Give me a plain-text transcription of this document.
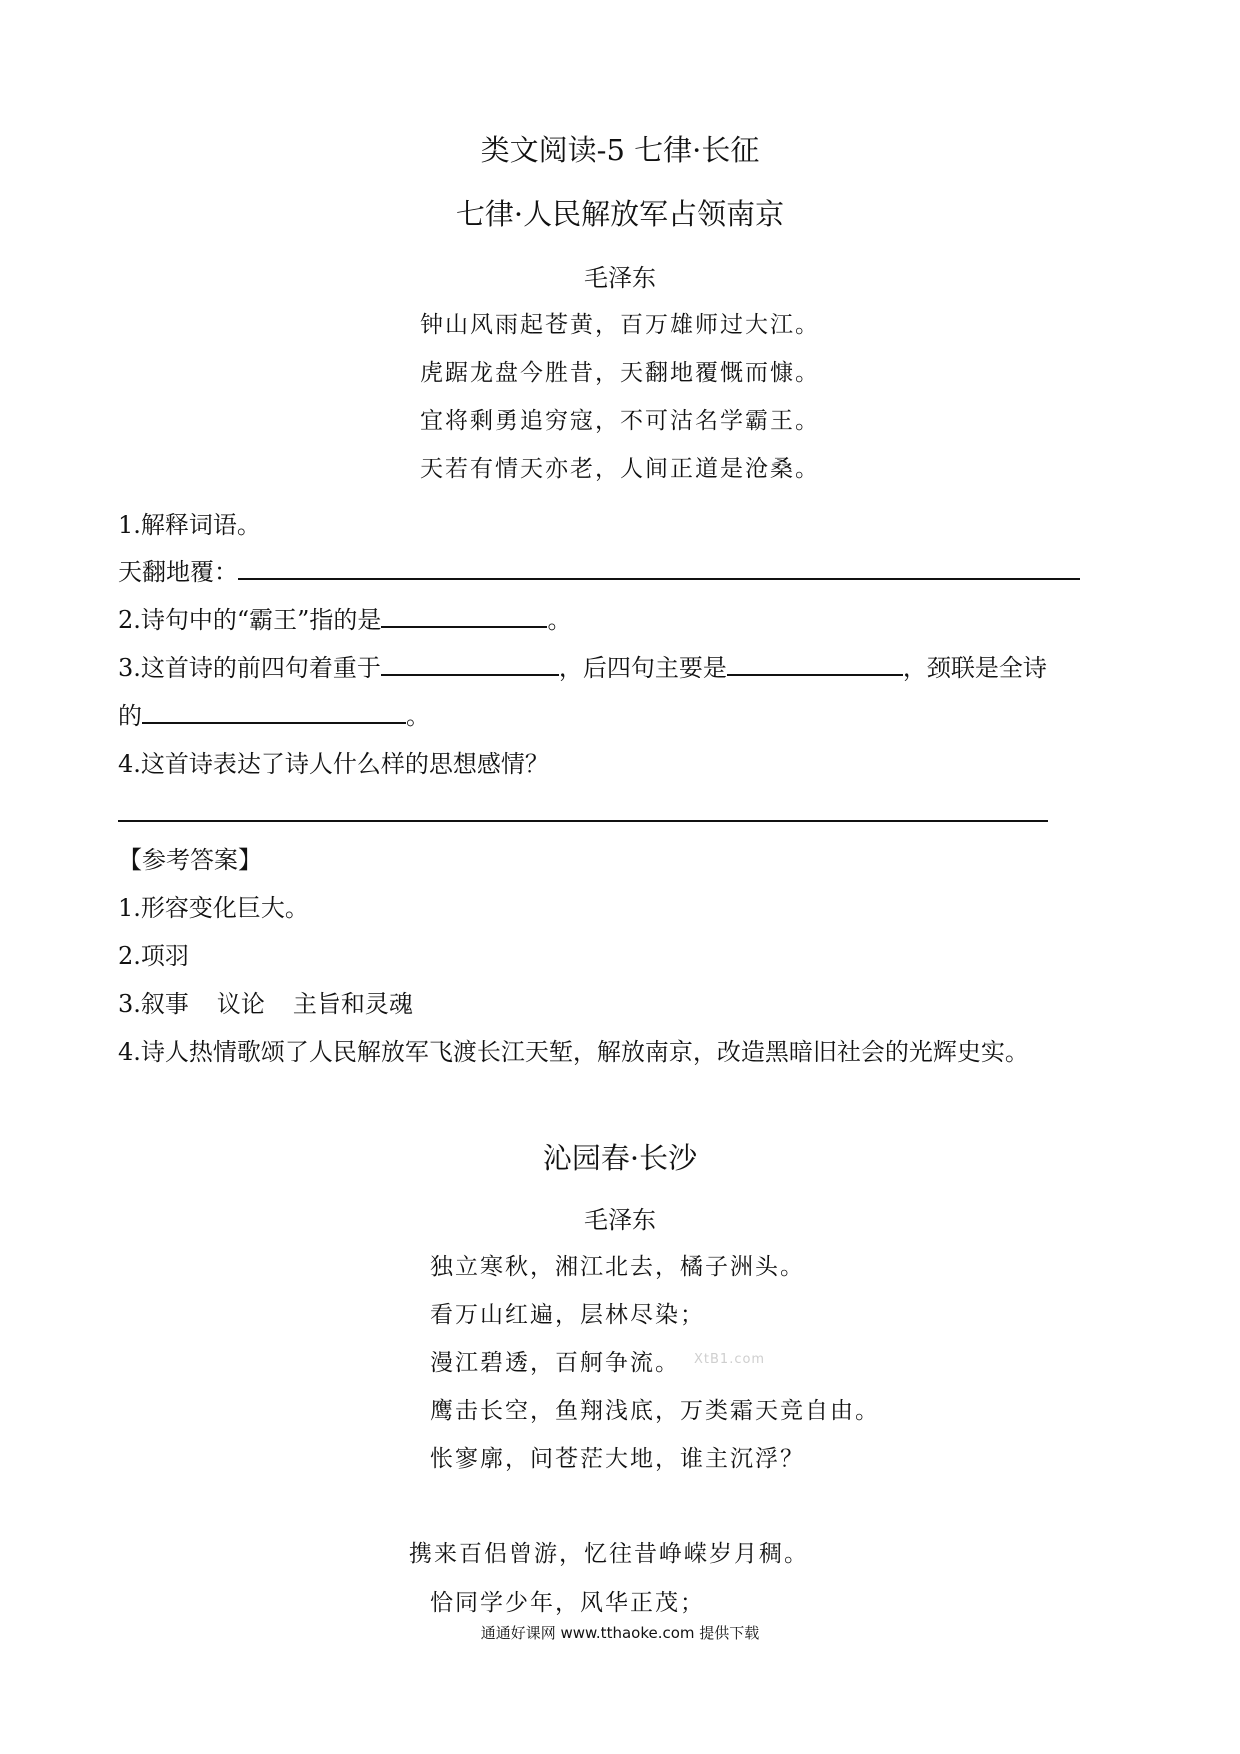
类文阅读-5 七律·长征
七律·人民解放军占领南京
毛泽东
钟山风雨起苍黄，百万雄师过大江。
虎踞龙盘今胜昔，天翻地覆慨而慷。
宜将剩勇追穷寇，不可沽名学霸王。
天若有情天亦老，人间正道是沧桑。
1.解释词语。
天翻地覆：
2.诗句中的“霸王”指的是	。
3.这首诗的前四句着重于	，后四句主要是	，颈联是全诗
的	。
4.这首诗表达了诗人什么样的思想感情？
【参考答案】
1.形容变化巨大。
2.项羽
3.叙事 议论 主旨和灵魂
4.诗人热情歌颂了人民解放军飞渡长江天堑，解放南京，改造黑暗旧社会的光辉史实。
沁园春·长沙
毛泽东
独立寒秋，湘江北去，橘子洲头。
看万山红遍，层林尽染；
漫江碧透，百舸争流。 XtB1.com
鹰击长空，鱼翔浅底，万类霜天竞自由。
怅寥廓，问苍茫大地，谁主沉浮？
携来百侣曾游，忆往昔峥嵘岁月稠。
恰同学少年，风华正茂；
通通好课网 www.tthaoke.com 提供下载
